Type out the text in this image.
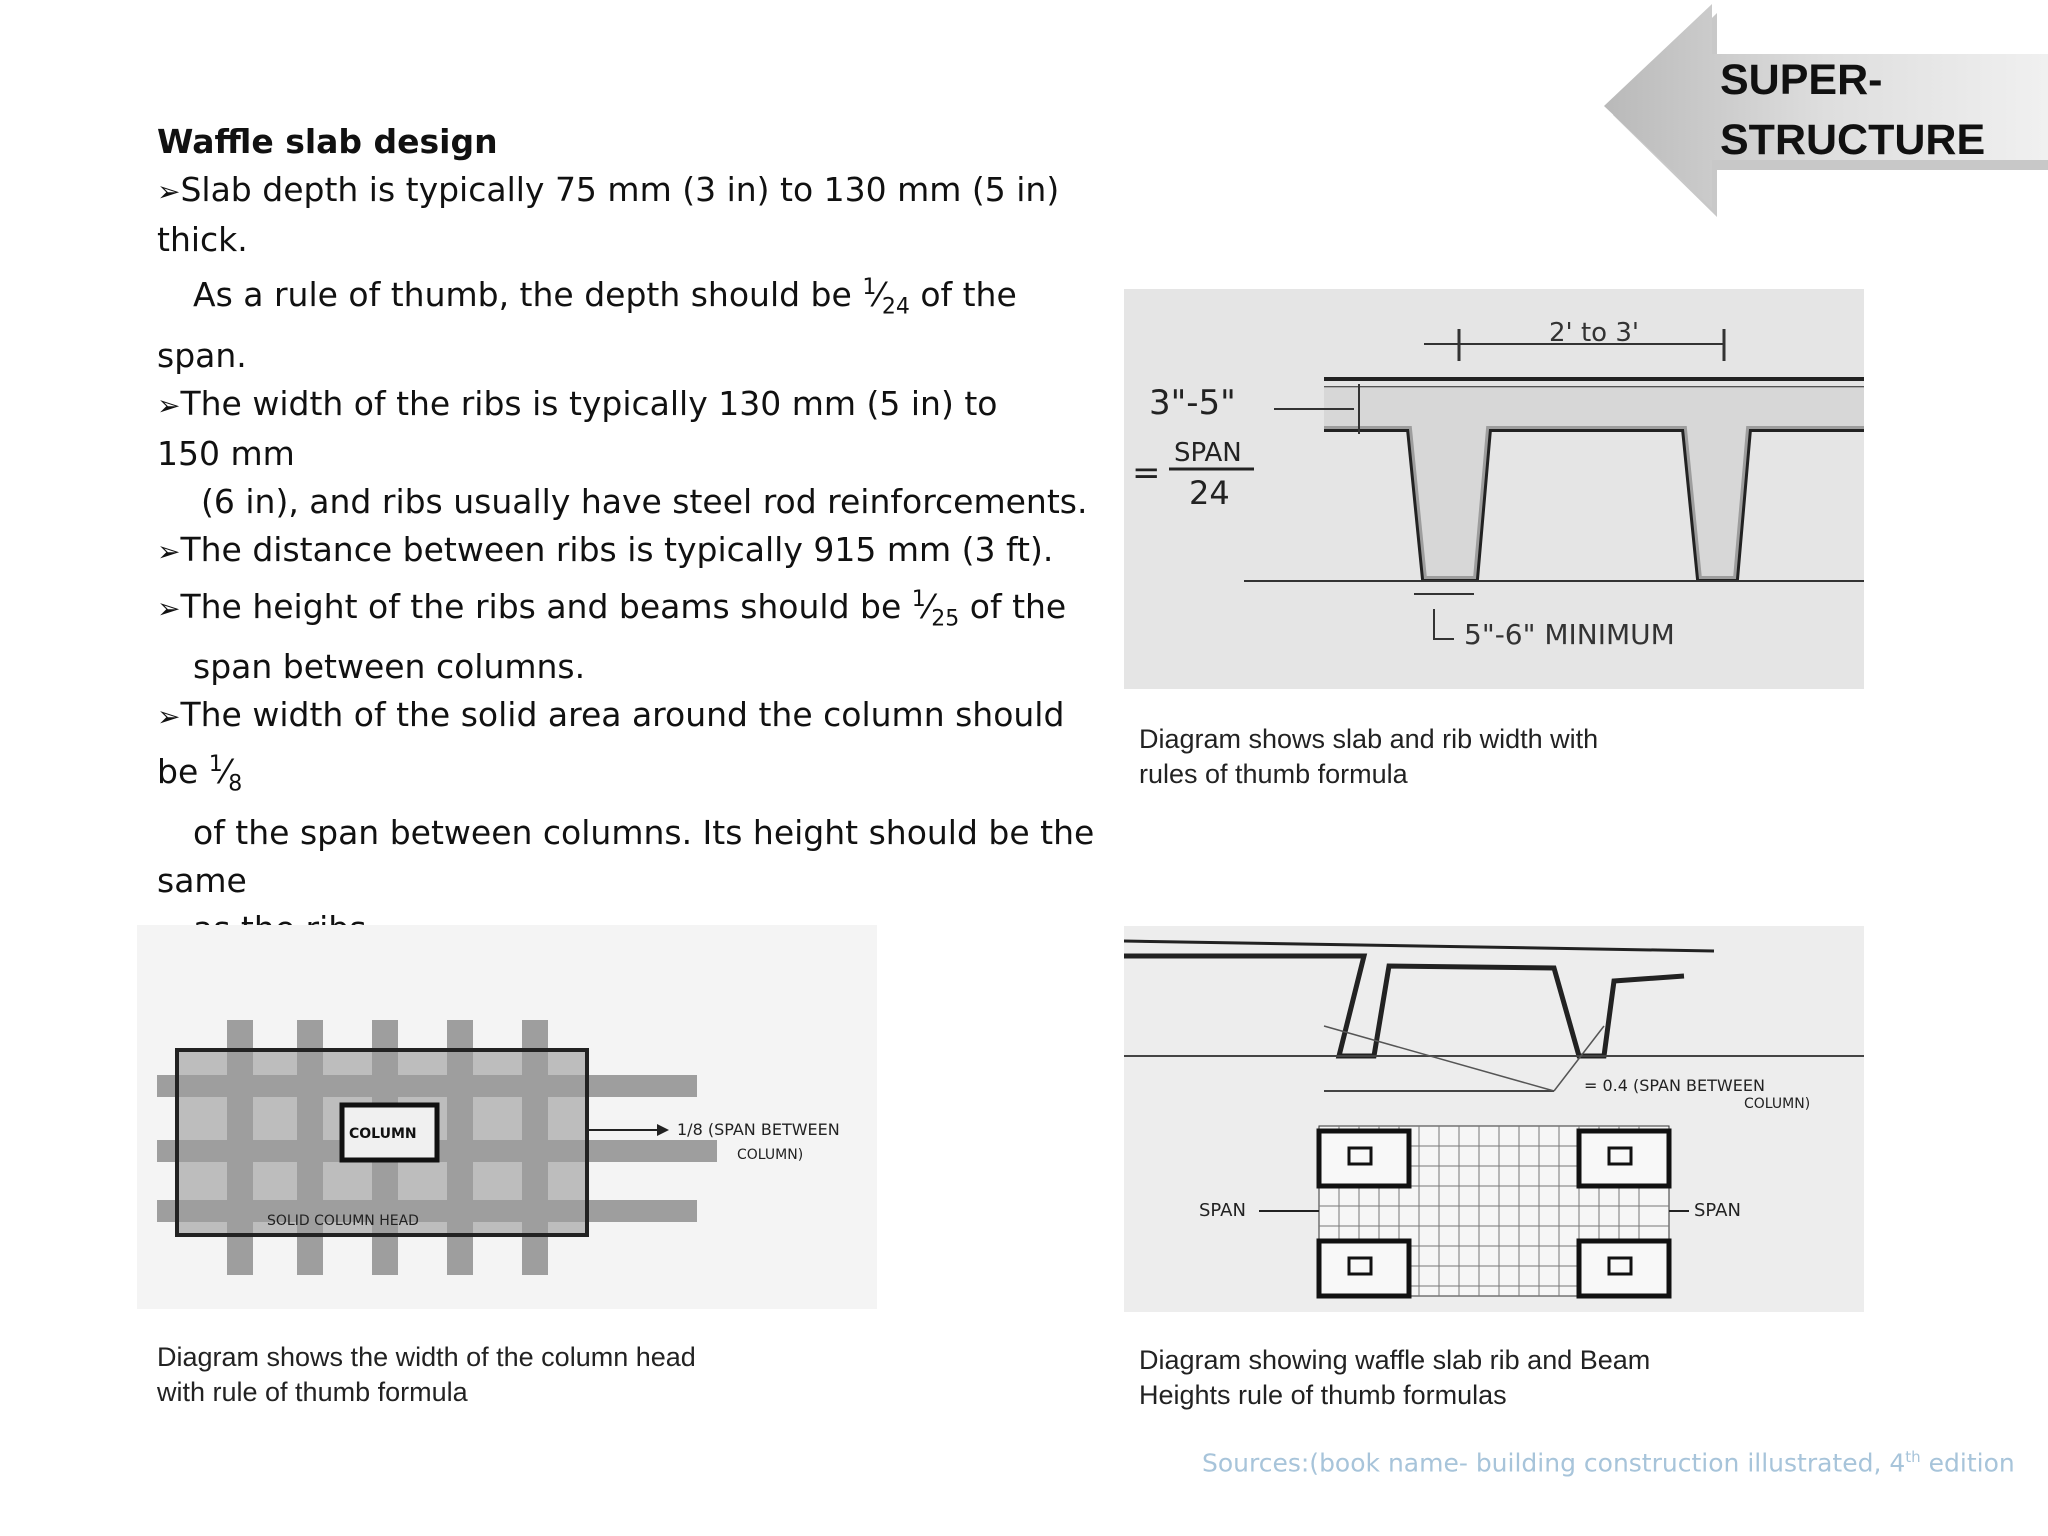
SUPER-
STRUCTURE
Waffle slab design
➢Slab depth is typically 75 mm (3 in) to 130 mm (5 in)
thick.
As a rule of thumb, the depth should be $^1⁄_{24}$ of the
span.
➢The width of the ribs is typically 130 mm (5 in) to
150 mm
(6 in), and ribs usually have steel rod reinforcements.
➢The distance between ribs is typically 915 mm (3 ft).
➢The height of the ribs and beams should be $^1⁄_{25}$ of the
span between columns.
➢The width of the solid area around the column should
be $^1⁄_8$
of the span between columns. Its height should be the
same
2' to 3'
3"-5"
= SPAN
24
5"-6" MINIMUM
Diagram shows slab and rib width with
rules of thumb formula
COLUMN
SOLID COLUMN HEAD
1/8 (SPAN BETWEEN
COLUMN)
Diagram shows the width of the column head
with rule of thumb formula
= 0.4 (SPAN BETWEEN
COLUMN)
SPAN	SPAN
Diagram showing waffle slab rib and Beam
Heights rule of thumb formulas
Sources:(book name- building construction illustrated, 4th edition
